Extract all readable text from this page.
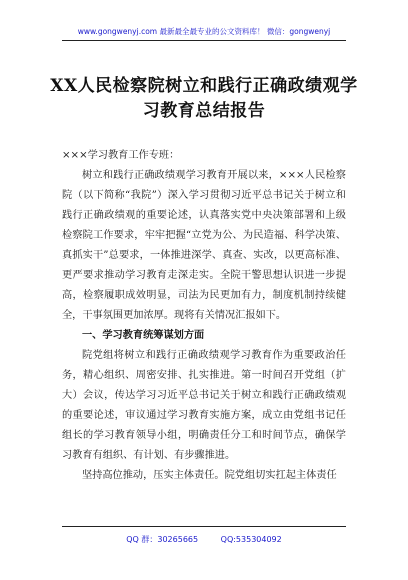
www.gongwenyj.com 最新最全最专业的公文资料库！ 微信：gongwenyj
XX人民检察院树立和践行正确政绩观学
习教育总结报告

×××学习教育工作专班：

树立和践行正确政绩观学习教育开展以来，×××人民检察院（以下简称“我院”）深入学习贯彻习近平总书记关于树立和践行正确政绩观的重要论述，认真落实党中央决策部署和上级检察院工作要求，牢牢把握“立党为公、为民造福、科学决策、真抓实干”总要求，一体推进深学、真查、实改，以更高标准、更严要求推动学习教育走深走实。全院干警思想认识进一步提高，检察履职成效明显，司法为民更加有力，制度机制持续健全，干事氛围更加浓厚。现将有关情况汇报如下。

一、学习教育统筹谋划方面

院党组将树立和践行正确政绩观学习教育作为重要政治任务，精心组织、周密安排、扎实推进。第一时间召开党组（扩大）会议，传达学习习近平总书记关于树立和践行正确政绩观的重要论述，审议通过学习教育实施方案，成立由党组书记任组长的学习教育领导小组，明确责任分工和时间节点，确保学习教育有组织、有计划、有步骤推进。

坚持高位推动，压实主体责任。院党组切实扛起主体责任

QQ 群：30265665	QQ:535304092
